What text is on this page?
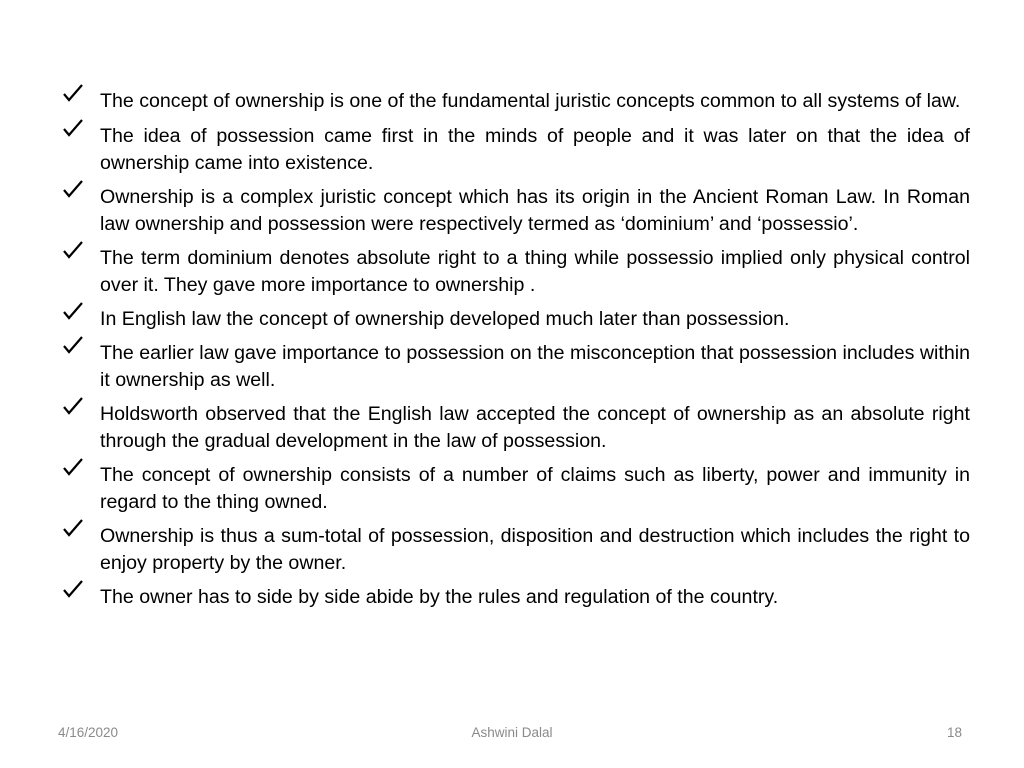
The concept of ownership is one of the fundamental juristic concepts common to all systems of law.
The idea of possession came first in the minds of people and it was later on that the idea of ownership came into existence.
Ownership is a complex juristic concept which has its origin in the Ancient Roman Law. In Roman law ownership and possession were respectively termed as ‘dominium’ and ‘possessio’.
The term dominium denotes absolute right to a thing while possessio implied only physical control over it. They gave more importance to ownership .
In English law the concept of ownership developed much later than possession.
The earlier law gave importance to possession on the misconception that possession includes within it ownership as well.
Holdsworth observed that the English law accepted the concept of ownership as an absolute right through the gradual development in the law of possession.
The concept of ownership consists of a number of claims such as liberty, power and immunity in regard to the thing owned.
Ownership is thus a sum-total of possession, disposition and destruction which includes the right to enjoy property by the owner.
The owner has to side by side abide by the rules and regulation of the country.
4/16/2020	Ashwini Dalal	18
